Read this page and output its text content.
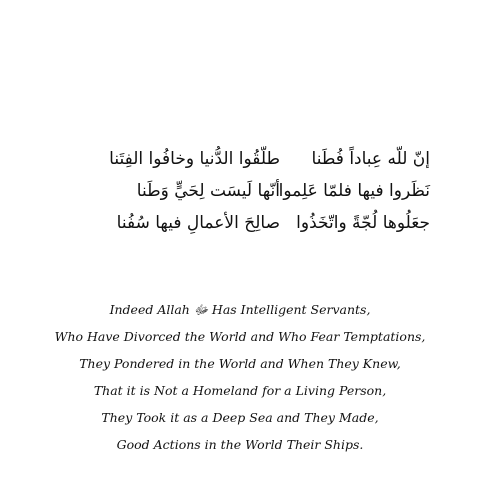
إنّ للّه عِباداً فُطَنا
طلّقُوا الدُّنيا وخافُوا الفِتَنا
نَظَروا فيها فلمّا عَلِموا
أنّها لَيسَت لِحَيٍّ وَطَنا
جعَلُوها لُجّةً واتّخَذُوا
صالِحَ الأعمالِ فيها سُفُنا
Indeed Allah ﷻ Has Intelligent Servants,
Who Have Divorced the World and Who Fear Temptations,
They Pondered in the World and When They Knew,
That it is Not a Homeland for a Living Person,
They Took it as a Deep Sea and They Made,
Good Actions in the World Their Ships.
